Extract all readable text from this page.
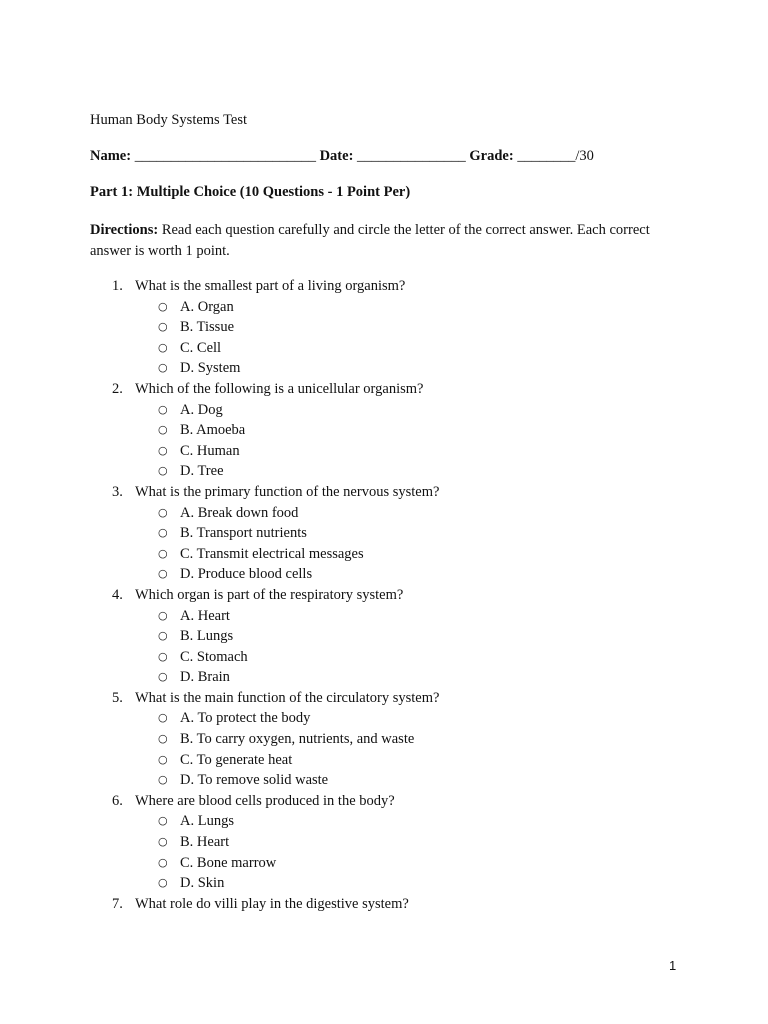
Human Body Systems Test
Name: _________________________ Date: _______________ Grade: ________/30
Part 1: Multiple Choice (10 Questions - 1 Point Per)
Directions: Read each question carefully and circle the letter of the correct answer. Each correct answer is worth 1 point.
1. What is the smallest part of a living organism?
○ A. Organ
○ B. Tissue
○ C. Cell
○ D. System
2. Which of the following is a unicellular organism?
○ A. Dog
○ B. Amoeba
○ C. Human
○ D. Tree
3. What is the primary function of the nervous system?
○ A. Break down food
○ B. Transport nutrients
○ C. Transmit electrical messages
○ D. Produce blood cells
4. Which organ is part of the respiratory system?
○ A. Heart
○ B. Lungs
○ C. Stomach
○ D. Brain
5. What is the main function of the circulatory system?
○ A. To protect the body
○ B. To carry oxygen, nutrients, and waste
○ C. To generate heat
○ D. To remove solid waste
6. Where are blood cells produced in the body?
○ A. Lungs
○ B. Heart
○ C. Bone marrow
○ D. Skin
7. What role do villi play in the digestive system?
1
